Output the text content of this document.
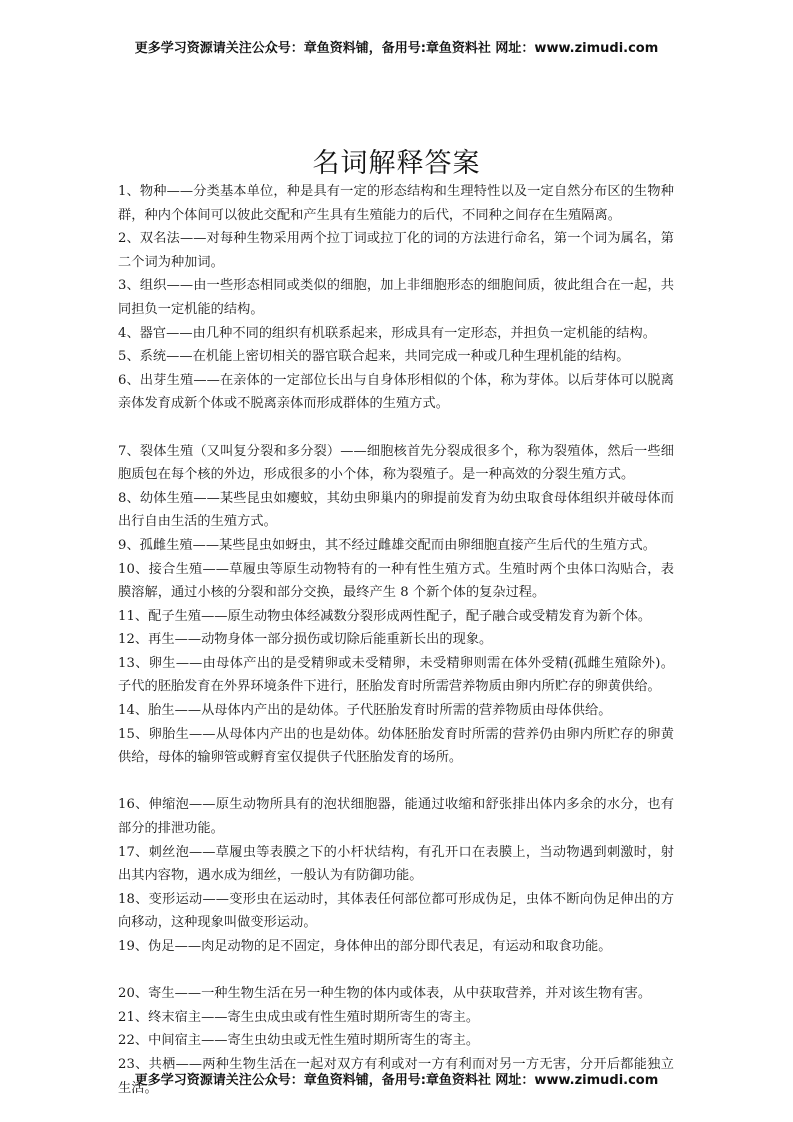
更多学习资源请关注公众号：章鱼资料铺，备用号:章鱼资料社 网址：www.zimudi.com
名词解释答案

1、物种——分类基本单位，种是具有一定的形态结构和生理特性以及一定自然分布区的生物种群，种内个体间可以彼此交配和产生具有生殖能力的后代，不同种之间存在生殖隔离。

2、双名法——对每种生物采用两个拉丁词或拉丁化的词的方法进行命名，第一个词为属名，第二个词为种加词。

3、组织——由一些形态相同或类似的细胞，加上非细胞形态的细胞间质，彼此组合在一起，共同担负一定机能的结构。

4、器官——由几种不同的组织有机联系起来，形成具有一定形态，并担负一定机能的结构。

5、系统——在机能上密切相关的器官联合起来，共同完成一种或几种生理机能的结构。

6、出芽生殖——在亲体的一定部位长出与自身体形相似的个体，称为芽体。以后芽体可以脱离亲体发育成新个体或不脱离亲体而形成群体的生殖方式。

7、裂体生殖（又叫复分裂和多分裂）——细胞核首先分裂成很多个，称为裂殖体，然后一些细胞质包在每个核的外边，形成很多的小个体，称为裂殖子。是一种高效的分裂生殖方式。

8、幼体生殖——某些昆虫如瘿蚊，其幼虫卵巢内的卵提前发育为幼虫取食母体组织并破母体而出行自由生活的生殖方式。

9、孤雌生殖——某些昆虫如蚜虫，其不经过雌雄交配而由卵细胞直接产生后代的生殖方式。

10、接合生殖——草履虫等原生动物特有的一种有性生殖方式。生殖时两个虫体口沟贴合，表膜溶解，通过小核的分裂和部分交换，最终产生 8 个新个体的复杂过程。

11、配子生殖——原生动物虫体经减数分裂形成两性配子，配子融合或受精发育为新个体。

12、再生——动物身体一部分损伤或切除后能重新长出的现象。

13、卵生——由母体产出的是受精卵或未受精卵，未受精卵则需在体外受精(孤雌生殖除外)。子代的胚胎发育在外界环境条件下进行，胚胎发育时所需营养物质由卵内所贮存的卵黄供给。

14、胎生——从母体内产出的是幼体。子代胚胎发育时所需的营养物质由母体供给。

15、卵胎生——从母体内产出的也是幼体。幼体胚胎发育时所需的营养仍由卵内所贮存的卵黄供给，母体的输卵管或孵育室仅提供子代胚胎发育的场所。

16、伸缩泡——原生动物所具有的泡状细胞器，能通过收缩和舒张排出体内多余的水分，也有部分的排泄功能。

17、刺丝泡——草履虫等表膜之下的小杆状结构，有孔开口在表膜上，当动物遇到刺激时，射出其内容物，遇水成为细丝，一般认为有防御功能。

18、变形运动——变形虫在运动时，其体表任何部位都可形成伪足，虫体不断向伪足伸出的方向移动，这种现象叫做变形运动。

19、伪足——肉足动物的足不固定，身体伸出的部分即代表足，有运动和取食功能。

20、寄生——一种生物生活在另一种生物的体内或体表，从中获取营养，并对该生物有害。

21、终末宿主——寄生虫成虫或有性生殖时期所寄生的寄主。

22、中间宿主——寄生虫幼虫或无性生殖时期所寄生的寄主。

23、共栖——两种生物生活在一起对双方有利或对一方有利而对另一方无害，分开后都能独立生活。

更多学习资源请关注公众号：章鱼资料铺，备用号:章鱼资料社 网址：www.zimudi.com
